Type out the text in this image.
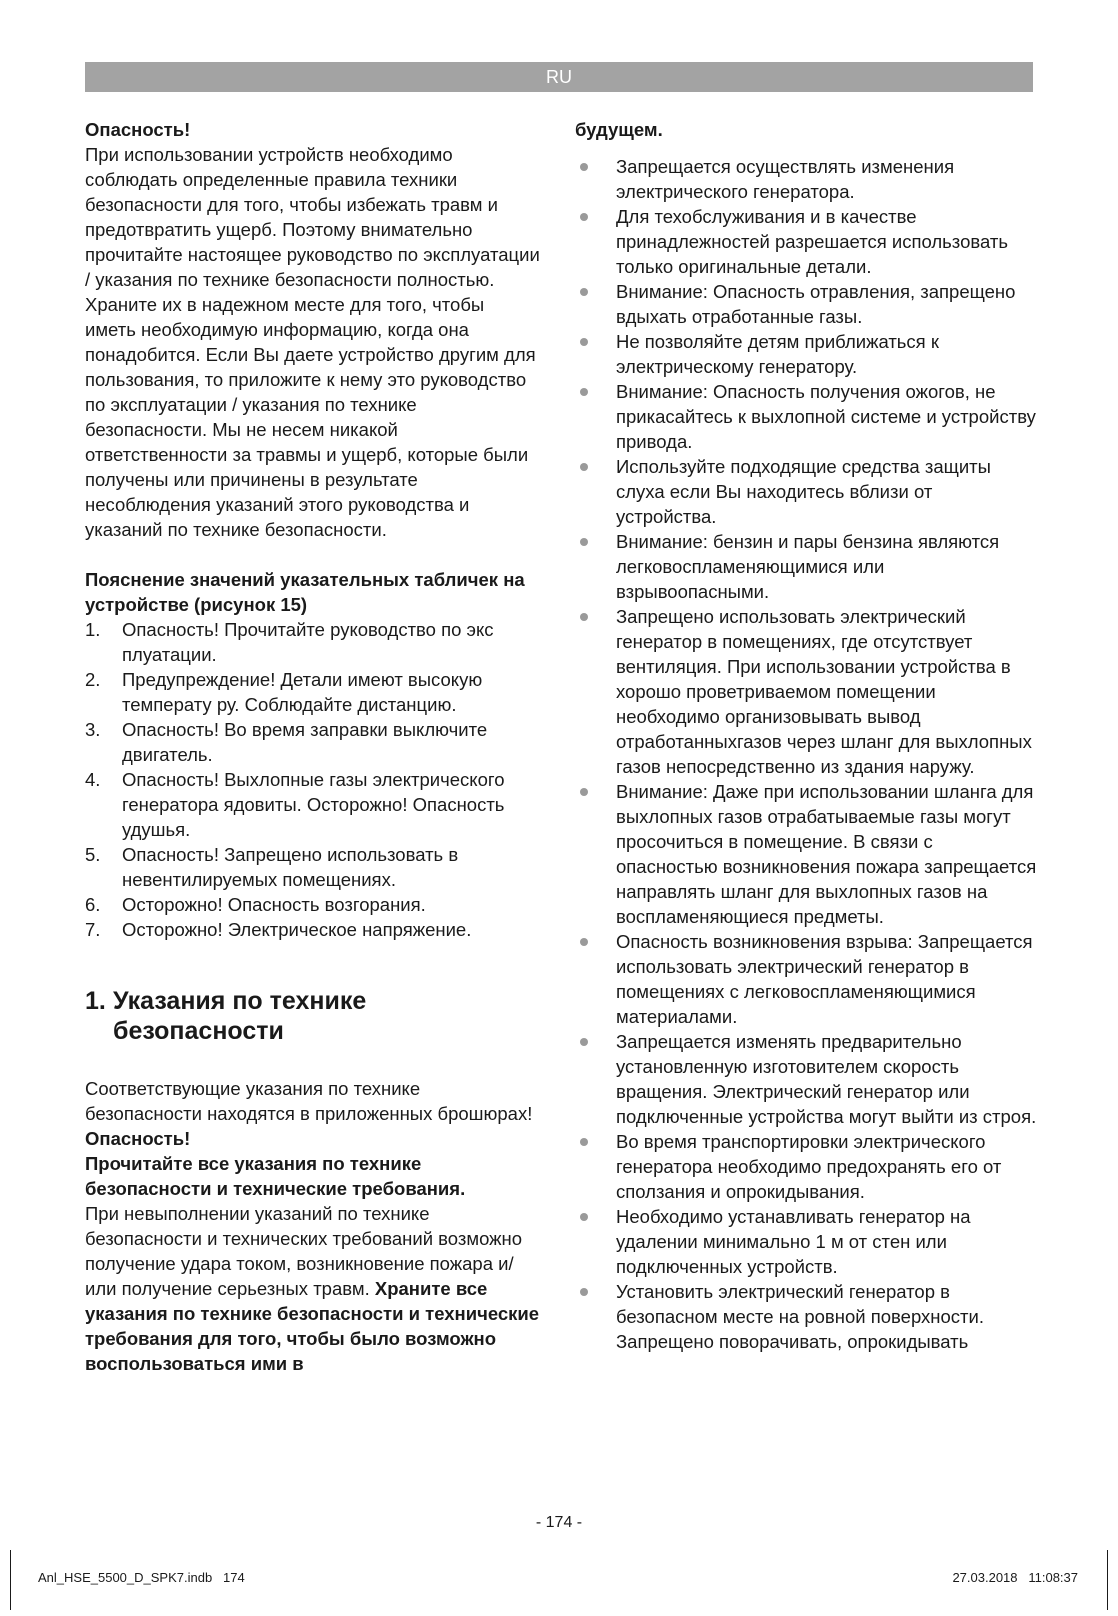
RU

Опасность!

При использовании устройств необходимо соблюдать определенные правила техники безопасности для того, чтобы избежать травм и предотвратить ущерб. Поэтому внимательно прочитайте настоящее руководство по эксплуатации / указания по технике безопасности полностью. Храните их в надежном месте для того, чтобы иметь необходимую информацию, когда она понадобится. Если Вы даете устройство другим для пользования, то приложите к нему это руководство по эксплуатации / указания по технике безопасности. Мы не несем никакой ответственности за травмы и ущерб, которые были получены или причинены в результате несоблюдения указаний этого руководства и указаний по технике безопасности.

Пояснение значений указательных табличек на устройстве (рисунок 15)

1. Опасность! Прочитайте руководство по экс плуатации.
2. Предупреждение! Детали имеют высокую температу ру. Соблюдайте дистанцию.
3. Опасность! Во время заправки выключите двигатель.
4. Опасность! Выхлопные газы электрического генератора ядовиты. Осторожно! Опасность удушья.
5. Опасность! Запрещено использовать в невентилируемых помещениях.
6. Осторожно! Опасность возгорания.
7. Осторожно! Электрическое напряжение.
1. Указания по технике безопасности

Соответствующие указания по технике безопасности находятся в приложенных брошюрах!

Опасность!

Прочитайте все указания по технике безопасности и технические требования.

При невыполнении указаний по технике безопасности и технических требований возможно получение удара током, возникновение пожара и/или получение серьезных травм. Храните все указания по технике безопасности и технические требования для того, чтобы было возможно воспользоваться ими в

будущем.

Запрещается осуществлять изменения электрического генератора.
Для техобслуживания и в качестве принадлежностей разрешается использовать только оригинальные детали.
Внимание: Опасность отравления, запрещено вдыхать отработанные газы.
Не позволяйте детям приближаться к электрическому генератору.
Внимание: Опасность получения ожогов, не прикасайтесь к выхлопной системе и устройству привода.
Используйте подходящие средства защиты слуха если Вы находитесь вблизи от устройства.
Внимание: бензин и пары бензина являются легковоспламеняющимися или взрывоопасными.
Запрещено использовать электрический генератор в помещениях, где отсутствует вентиляция. При использовании устройства в хорошо проветриваемом помещении необходимо организовывать вывод отработанныхгазов через шланг для выхлопных газов непосредственно из здания наружу.
Внимание: Даже при использовании шланга для выхлопных газов отрабатываемые газы могут просочиться в помещение. В связи с опасностью возникновения пожара запрещается направлять шланг для выхлопных газов на воспламеняющиеся предметы.
Опасность возникновения взрыва: Запрещается использовать электрический генератор в помещениях с легковоспламеняющимися материалами.
Запрещается изменять предварительно установленную изготовителем скорость вращения. Электрический генератор или подключенные устройства могут выйти из строя.
Во время транспортировки электрического генератора необходимо предохранять его от сползания и опрокидывания.
Необходимо устанавливать генератор на удалении минимально 1 м от стен или подключенных устройств.
Установить электрический генератор в безопасном месте на ровной поверхности. Запрещено поворачивать, опрокидывать
- 174 -
Anl_HSE_5500_D_SPK7.indb   174	27.03.2018   11:08:37
